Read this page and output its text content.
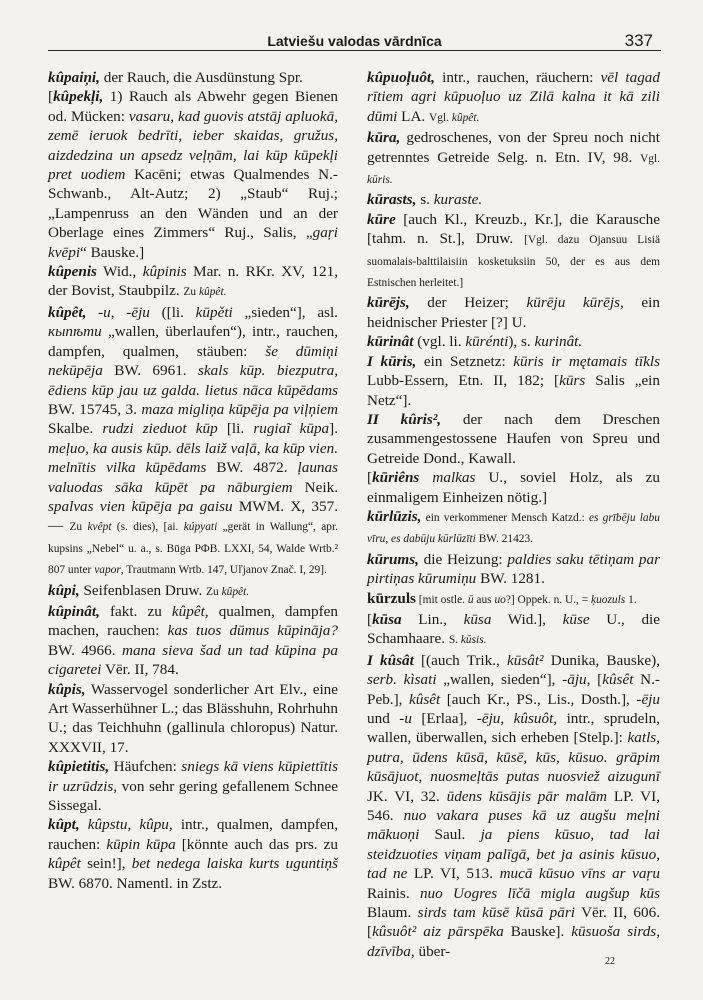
Latviešu valodas vārdnīca	337

kûpaiņi, der Rauch, die Ausdünstung Spr.

[kûpekļi, 1) Rauch als Abwehr gegen Bienen od. Mücken: vasaru, kad guovis atstāj apluokā, zemē ieruok bedrīti, ieber skaidas, gružus, aizdedzina un apsedz veļņām, lai kūp kūpekļi pret uodiem Kacēni; etwas Qualmendes N.-Schwanb., Alt-Autz; 2) „Staub“ Ruj.; „Lampenruss an den Wänden und an der Oberlage eines Zimmers“ Ruj., Salis, „gaŗi kvēpi“ Bauske.]

kûpenis Wid., kûpinis Mar. n. RKr. XV, 121, der Bovist, Staubpilz. Zu kûpêt.

kûpêt, -u, -ēju ([li. kūpěti „sieden“], asl. кыпѣти „wallen, überlaufen“), intr., rauchen, dampfen, qualmen, stäuben: še dūmiņi nekūpēja BW. 6961. skals kūp. biezputra, ēdiens kūp jau uz galda. lietus nāca kūpēdams BW. 15745, 3. maza migliņa kūpēja pa viļņiem Skalbe. rudzi zieduot kūp [li. rugiaĩ kūpa]. meļuo, ka ausis kūp. dēls laiž vaļā, ka kūp vien. melnītis vilka kūpēdams BW. 4872. ļaunas valuodas sāka kūpēt pa nāburgiem Neik. spalvas vien kūpēja pa gaisu MWM. X, 357. — Zu kvêpt (s. dies), [ai. kúpyati „gerät in Wallung“, apr. kupsins „Nebel“ u. a., s. Būga РФВ. LXXI, 54, Walde Wrtb.² 807 unter vapor, Trautmann Wrtb. 147, Uľjanov Znač. I, 29].

kûpi, Seifenblasen Druw. Zu kûpêt.

kûpinât, fakt. zu kûpêt, qualmen, dampfen machen, rauchen: kas tuos dūmus kūpināja? BW. 4966. mana sieva šad un tad kūpina pa cigaretei Vēr. II, 784.

kûpis, Wasservogel sonderlicher Art Elv., eine Art Wasserhühner L.; das Blässhuhn, Rohrhuhn U.; das Teichhuhn (gallinula chloropus) Natur. XXXVII, 17.

kûpietitis, Häufchen: sniegs kā viens kūpiettītis ir uzrūdzis, von sehr gering gefallenem Schnee Sissegal.

kûpt, kûpstu, kûpu, intr., qualmen, dampfen, rauchen: kūpin kūpa [könnte auch das prs. zu kûpêt sein!], bet nedega laiska kurts uguntiņš BW. 6870. Namentl. in Zstz.

kûpuoļuôt, intr., rauchen, räuchern: vēl tagad rītiem agri kūpuoļuo uz Zilā kalna it kā zili dūmi LA. Vgl. kûpêt.

kūra, gedroschenes, von der Spreu noch nicht getrenntes Getreide Selg. n. Etn. IV, 98. Vgl. kūris.

kūrasts, s. kuraste.

kūre [auch Kl., Kreuzb., Kr.], die Karausche [tahm. n. St.], Druw. [Vgl. dazu Ojansuu Lisiä suomalais-balttilaisiin kosketuksiin 50, der es aus dem Estnischen herleitet.]

kūrējs, der Heizer; kūrēju kūrējs, ein heidnischer Priester [?] U.

kūrinât (vgl. li. kūrénti), s. kurinât.

I kūris, ein Setznetz: kūris ir mętamais tīkls Lubb-Essern, Etn. II, 182; [kūrs Salis „ein Netz“].

II kûris², der nach dem Dreschen zusammengestossene Haufen von Spreu und Getreide Dond., Kawall.

[kūriêns malkas U., soviel Holz, als zu einmaligem Einheizen nötig.]

kūrlūzis, ein verkommener Mensch Katzd.: es grībēju labu vīru, es dabūju kūrlūzīti BW. 21423.

kūrums, die Heizung: paldies saku tētiņam par pirtiņas kūrumiņu BW. 1281.

kūrzuls [mit ostle. ū aus uo?] Oppek. n. U., = ķuozuls 1.

[kūsa Lin., kūsa Wid.], kūse U., die Schamhaare. S. kūsis.

I kûsât [(auch Trik., kūsât² Dunika, Bauske), serb. kìsati „wallen, sieden“], -āju, [kûsêt N.-Peb.], kûsêt [auch Kr., PS., Lis., Dosth.], -ēju und -u [Erlaa], -ēju, kûsuôt, intr., sprudeln, wallen, überwallen, sich erheben [Stelp.]: katls, putra, ūdens kūsā, kūsē, kūs, kūsuo. grāpim kūsājuot, nuosmeļtās putas nuosviež aizugunī JK. VI, 32. ūdens kūsājis pār malām LP. VI, 546. nuo vakara puses kā uz augšu meļni mākuoņi Saul. ja piens kūsuo, tad lai steidzuoties viņam palīgā, bet ja asinis kūsuo, tad ne LP. VI, 513. mucā kūsuo vīns ar vaŗu Rainis. nuo Uogres līčā migla augšup kūs Blaum. sirds tam kūsē kūsā pāri Vēr. II, 606. [kûsuôt² aiz pārspēka Bauske]. kūsuoša sirds, dzīvība, über-

22
